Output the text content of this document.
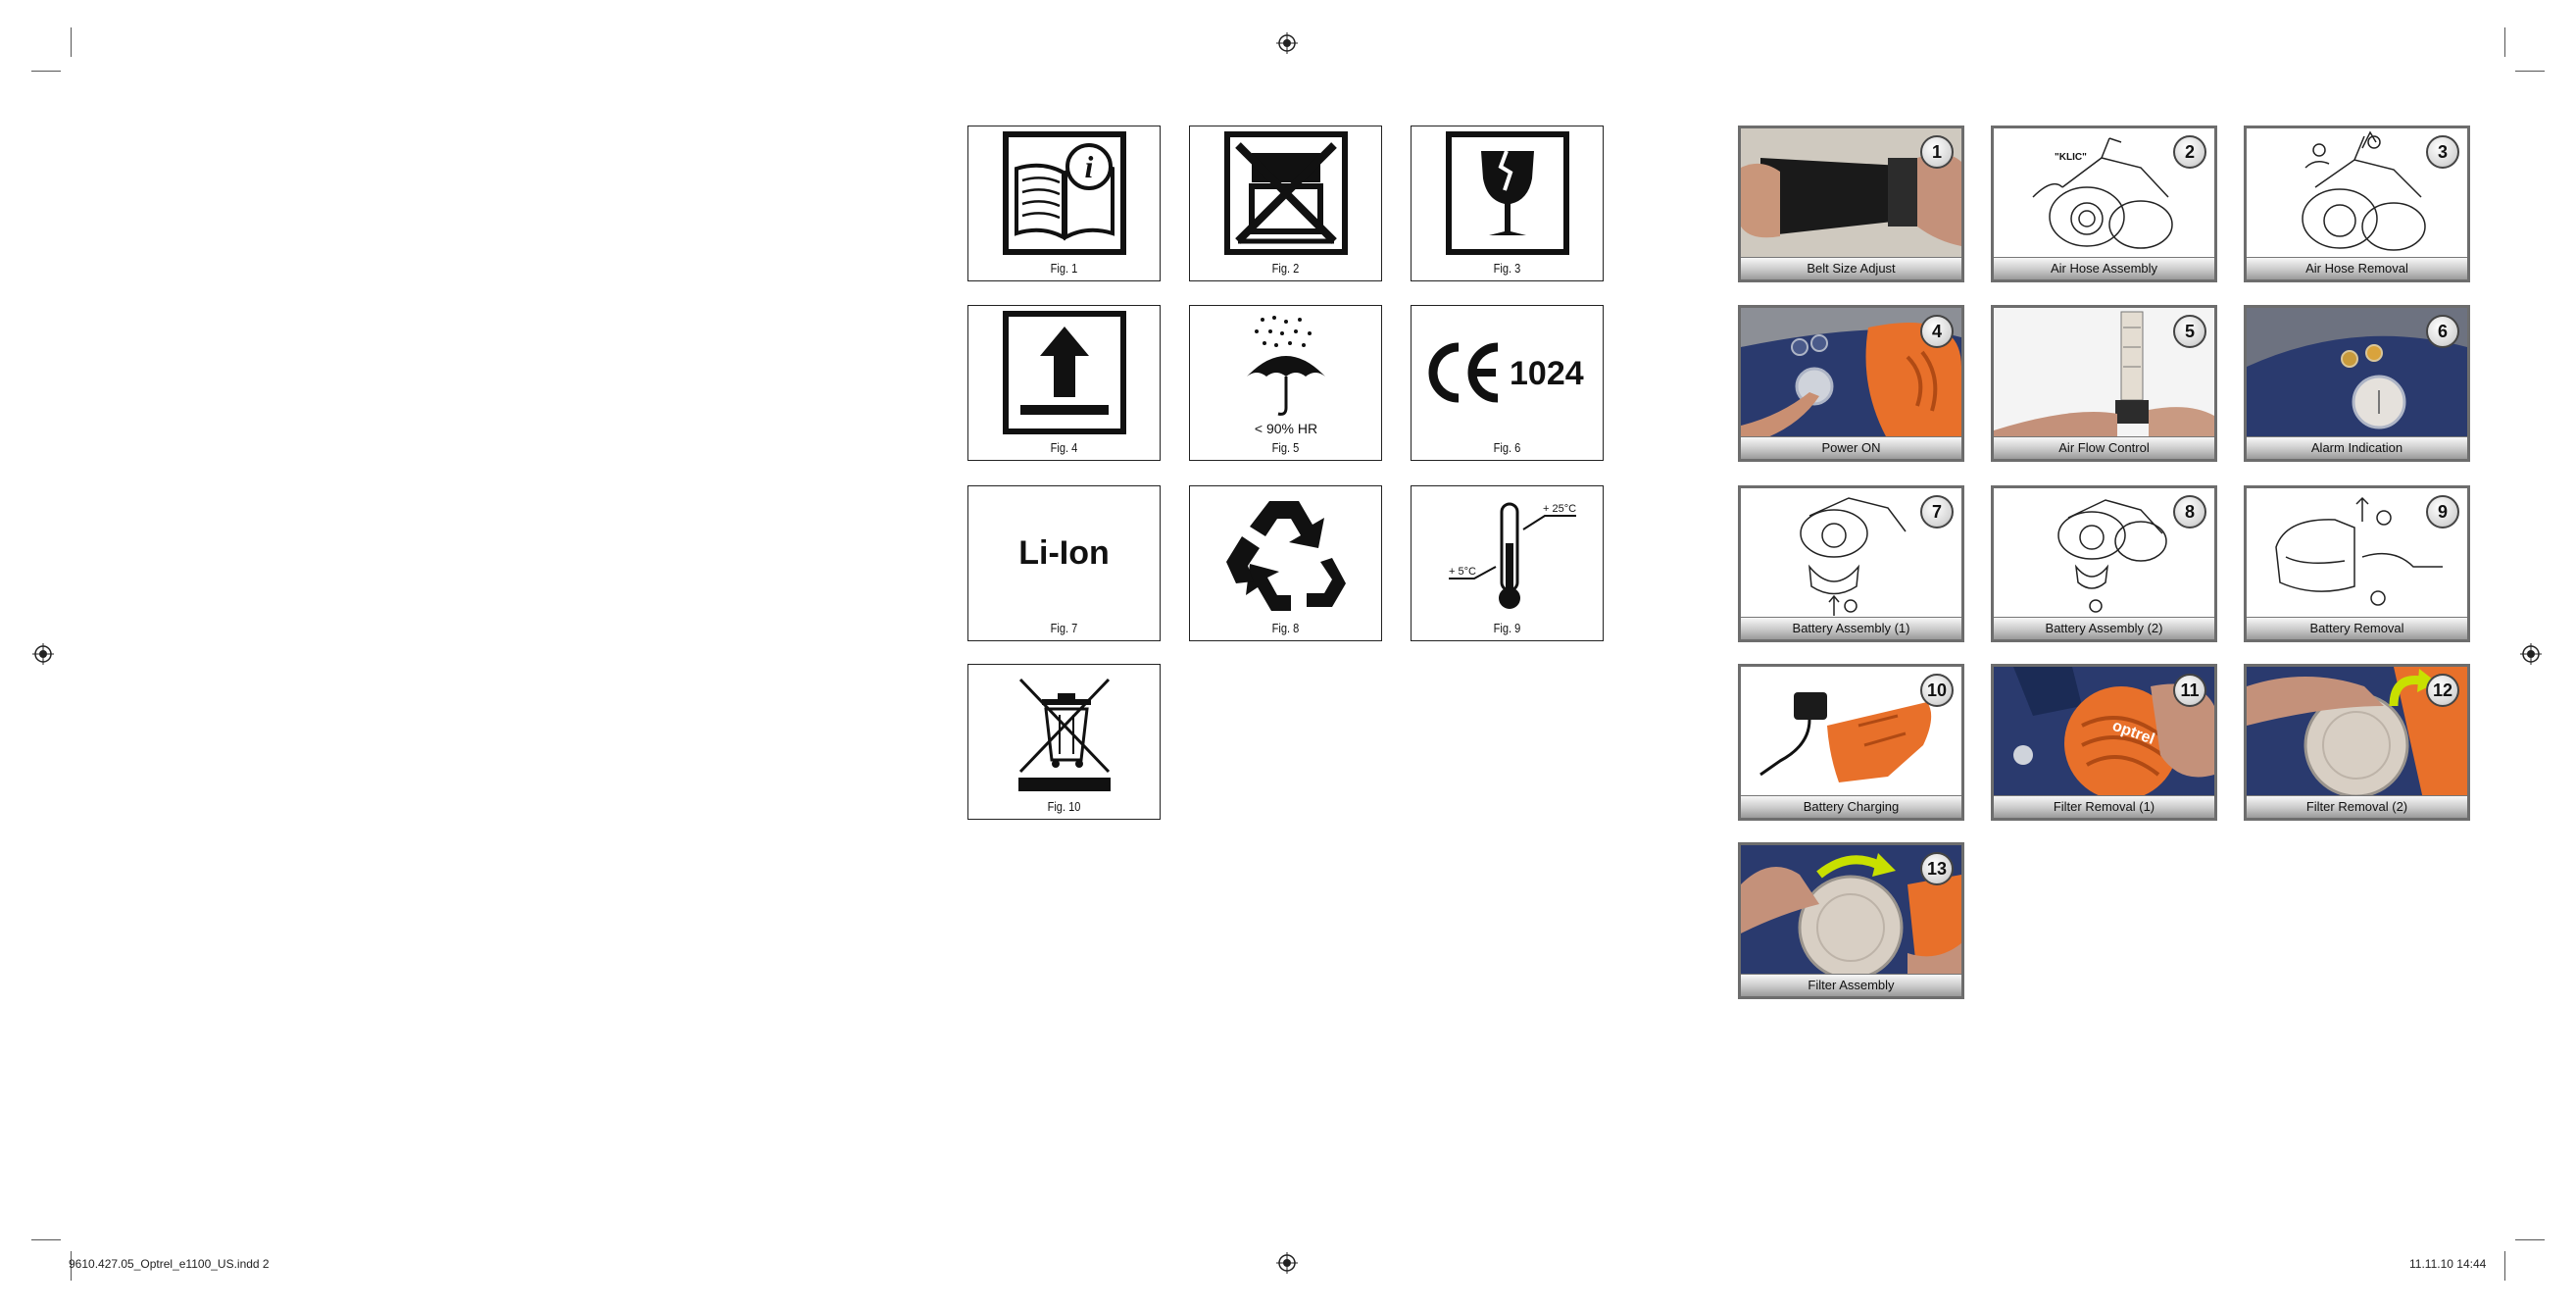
i
Fig. 1	Fig. 2	Fig. 3
Fig. 4
< 90% HR
Fig. 5
1024
Fig. 6
Li-Ion
Fig. 7	Fig. 8
+ 25°C
+ 5°C
Fig. 9
Fig. 10
1
Belt Size Adjust
"KLIC"	2
Air Hose Assembly
3
Air Hose Removal
4
Power ON
5
Air Flow Control
6
Alarm Indication
7
Battery Assembly (1)
8
Battery Assembly (2)
9
Battery Removal
10
Battery Charging
optrel
11
Filter Removal (1)
12
Filter Removal (2)
13
Filter Assembly
9610.427.05_Optrel_e1100_US.indd 2	11.11.10 14:44
